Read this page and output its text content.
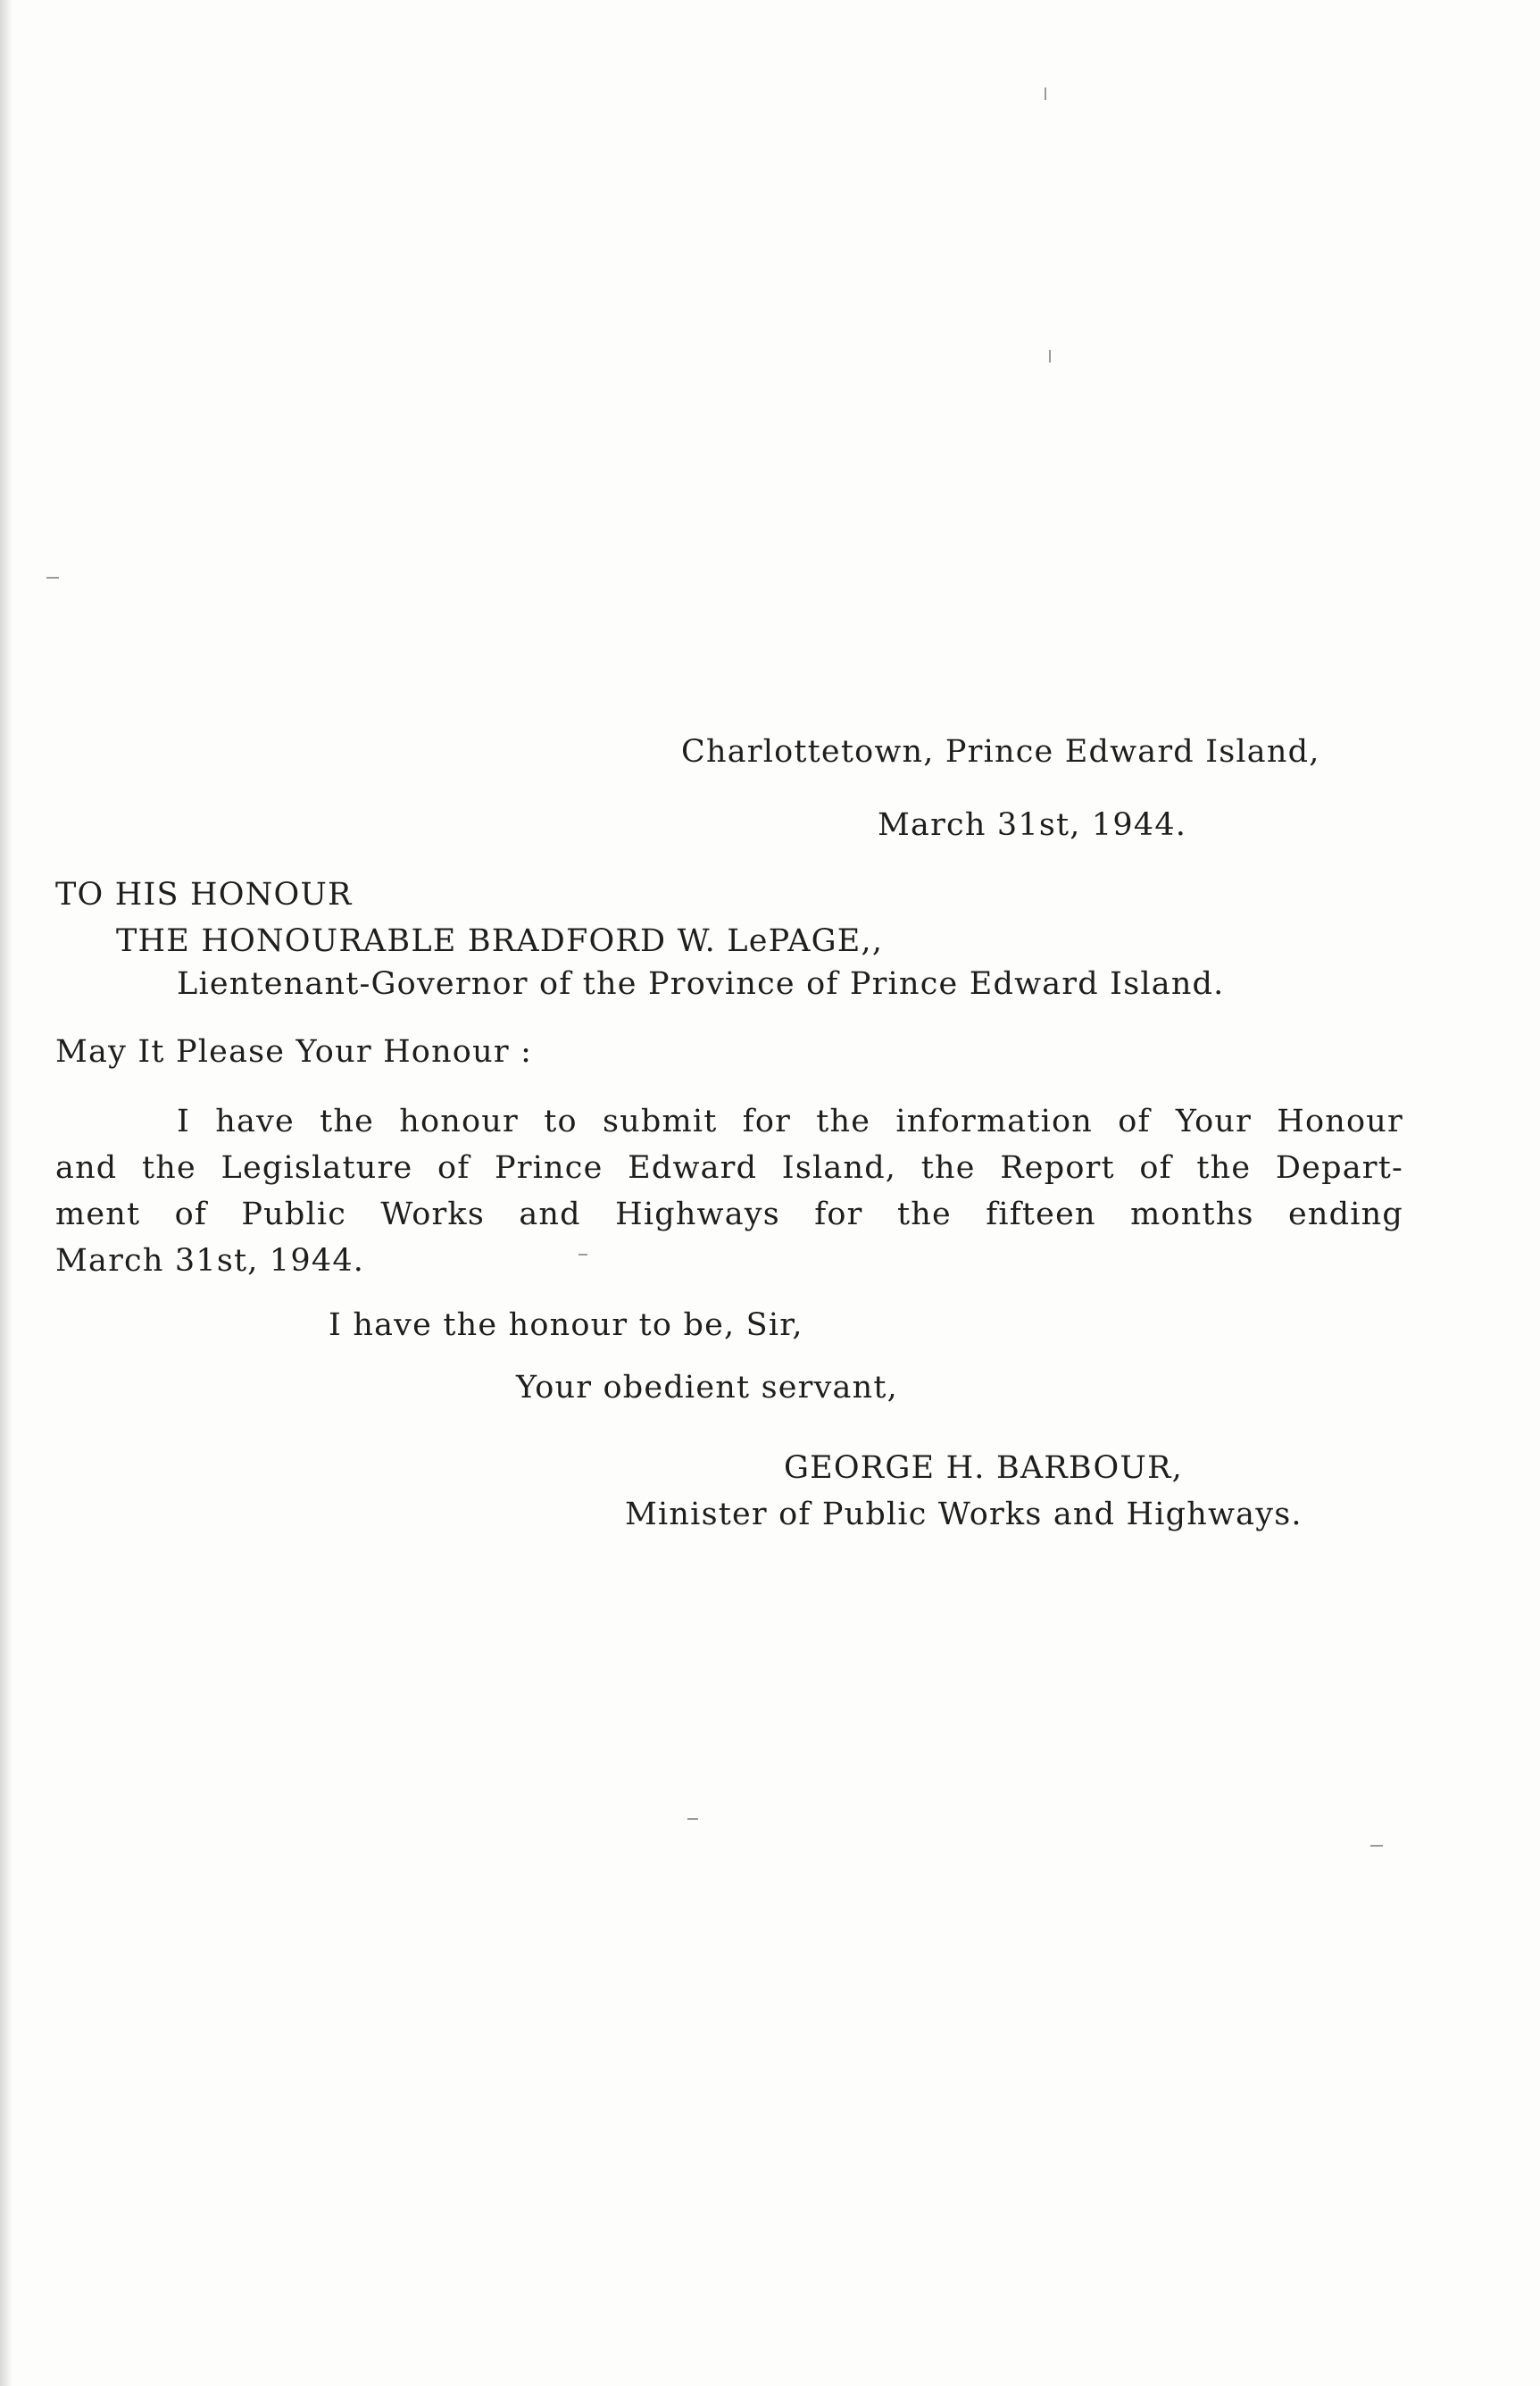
Charlottetown, Prince Edward Island,

March 31st, 1944.

TO HIS HONOUR

THE HONOURABLE BRADFORD W. LePAGE,,

Lientenant-Governor of the Province of Prince Edward Island.

May It Please Your Honour :

I have the honour to submit for the information of Your Honour

and the Legislature of Prince Edward Island, the Report of the Depart-

ment of Public Works and Highways for the fifteen months ending

March 31st, 1944.

I have the honour to be, Sir,

Your obedient servant,

GEORGE H. BARBOUR,

Minister of Public Works and Highways.
